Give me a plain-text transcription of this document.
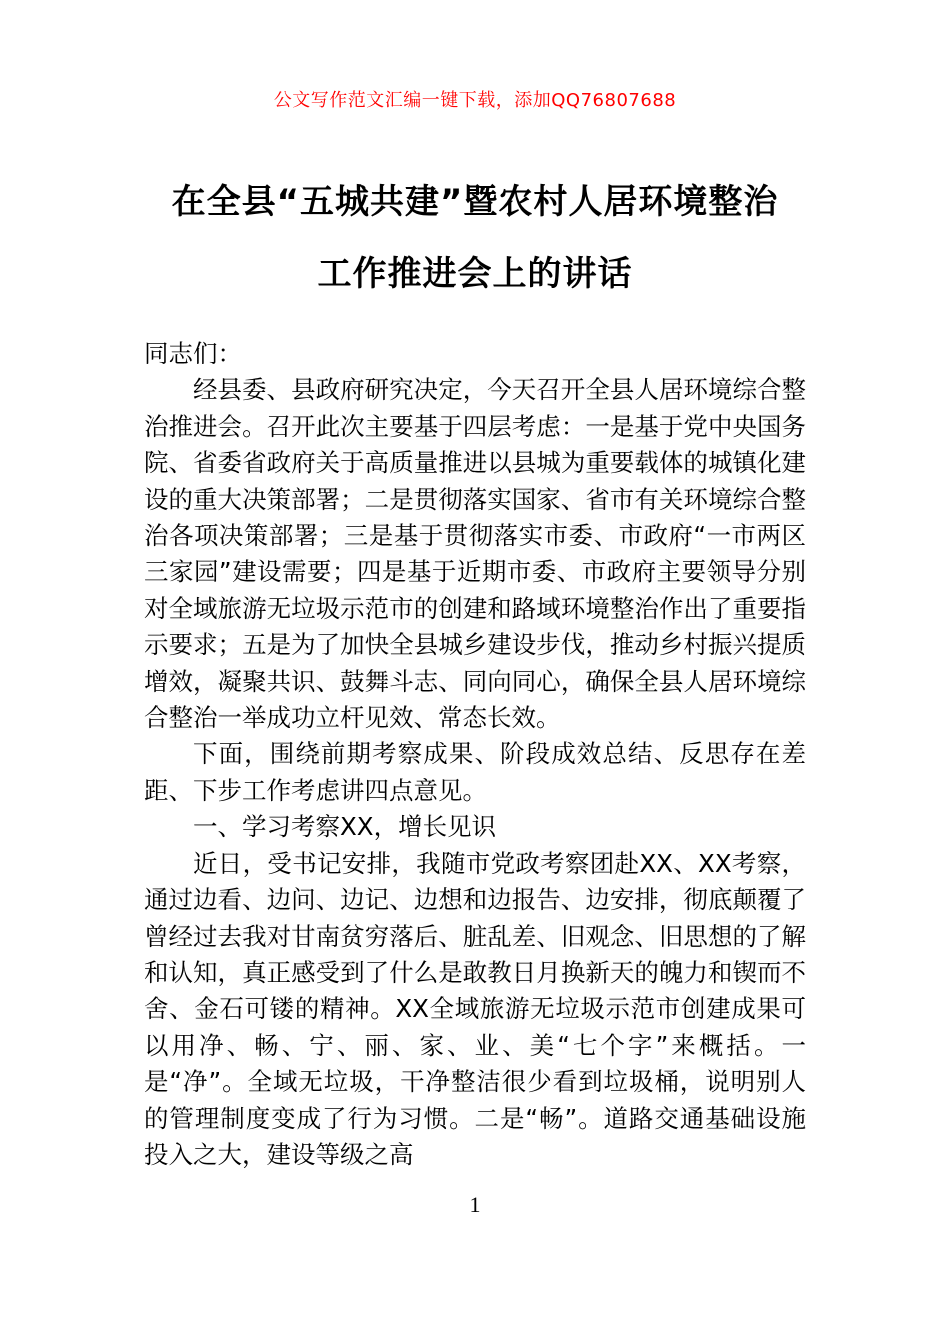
公文写作范文汇编一键下载，添加QQ76807688
在全县“五城共建”暨农村人居环境整治
工作推进会上的讲话

同志们：

经县委、县政府研究决定，今天召开全县人居环境综合整治推进会。召开此次主要基于四层考虑：一是基于党中央国务院、省委省政府关于高质量推进以县城为重要载体的城镇化建设的重大决策部署；二是贯彻落实国家、省市有关环境综合整治各项决策部署；三是基于贯彻落实市委、市政府“一市两区三家园”建设需要；四是基于近期市委、市政府主要领导分别对全域旅游无垃圾示范市的创建和路域环境整治作出了重要指示要求；五是为了加快全县城乡建设步伐，推动乡村振兴提质增效，凝聚共识、鼓舞斗志、同向同心，确保全县人居环境综合整治一举成功立杆见效、常态长效。

下面，围绕前期考察成果、阶段成效总结、反思存在差距、下步工作考虑讲四点意见。

一、学习考察XX，增长见识

近日，受书记安排，我随市党政考察团赴XX、XX考察，通过边看、边问、边记、边想和边报告、边安排，彻底颠覆了曾经过去我对甘南贫穷落后、脏乱差、旧观念、旧思想的了解和认知，真正感受到了什么是敢教日月换新天的魄力和锲而不舍、金石可镂的精神。XX全域旅游无垃圾示范市创建成果可以用净、畅、宁、丽、家、业、美“七个字”来概括。一是“净”。全域无垃圾，干净整洁很少看到垃圾桶，说明别人的管理制度变成了行为习惯。二是“畅”。道路交通基础设施投入之大，建设等级之高

1
